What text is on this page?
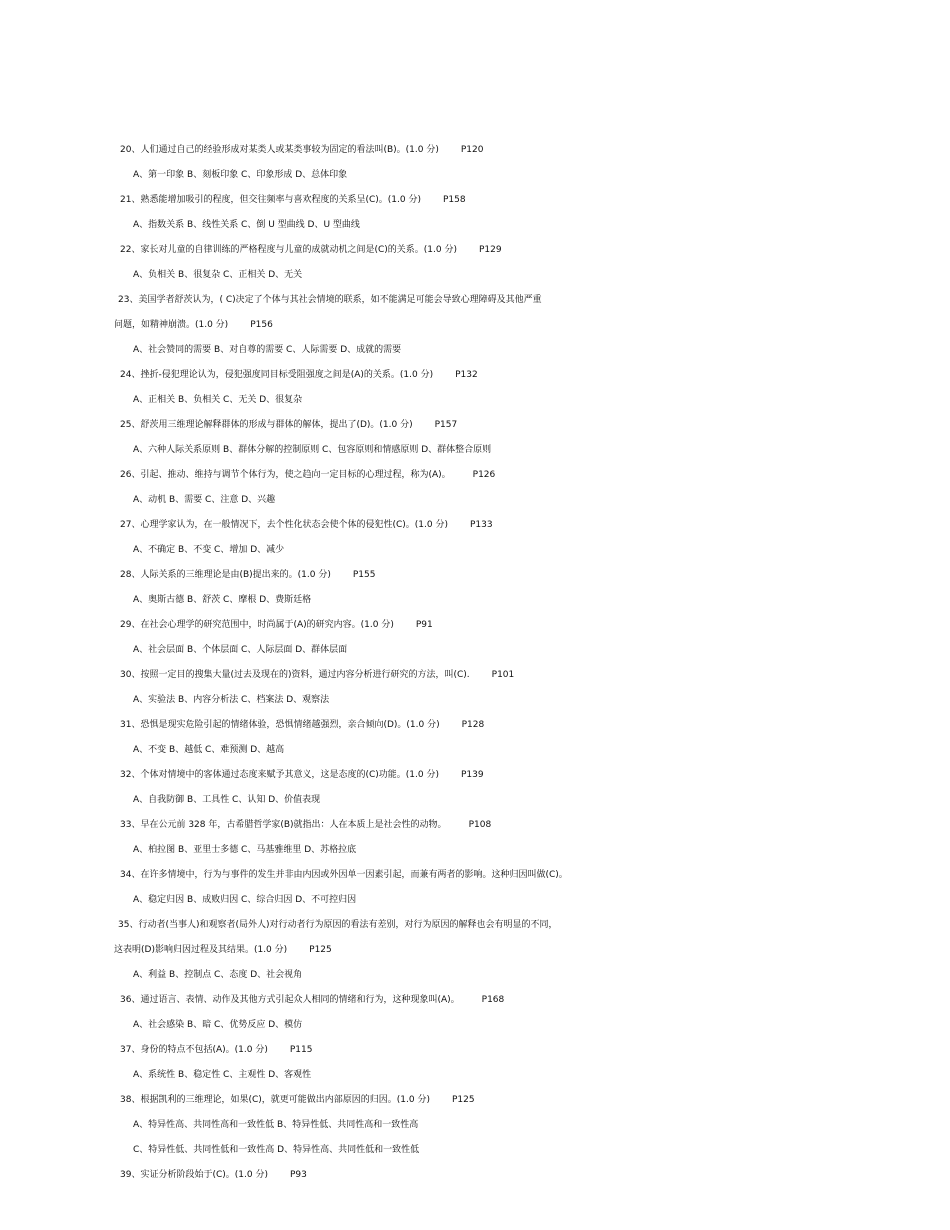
20、人们通过自己的经验形成对某类人或某类事较为固定的看法叫(B)。(1.0 分) P120
A、第一印象 B、刻板印象 C、印象形成 D、总体印象
21、熟悉能增加吸引的程度，但交往频率与喜欢程度的关系呈(C)。(1.0 分) P158
A、指数关系 B、线性关系 C、倒 U 型曲线 D、U 型曲线
22、家长对儿童的自律训练的严格程度与儿童的成就动机之间是(C)的关系。(1.0 分) P129
A、负相关 B、很复杂 C、正相关 D、无关
23、美国学者舒茨认为，( C)决定了个体与其社会情境的联系，如不能满足可能会导致心理障碍及其他严重
问题，如精神崩溃。(1.0 分) P156
A、社会赞同的需要 B、对自尊的需要 C、人际需要 D、成就的需要
24、挫折-侵犯理论认为，侵犯强度同目标受阻强度之间是(A)的关系。(1.0 分) P132
A、正相关 B、负相关 C、无关 D、很复杂
25、舒茨用三维理论解释群体的形成与群体的解体，提出了(D)。(1.0 分) P157
A、六种人际关系原则 B、群体分解的控制原则 C、包容原则和情感原则 D、群体整合原则
26、引起、推动、维持与调节个体行为，使之趋向一定目标的心理过程，称为(A)。 P126
A、动机 B、需要 C、注意 D、兴趣
27、心理学家认为，在一般情况下，去个性化状态会使个体的侵犯性(C)。(1.0 分) P133
A、不确定 B、不变 C、增加 D、减少
28、人际关系的三维理论是由(B)提出来的。(1.0 分) P155
A、奥斯古德 B、舒茨 C、摩根 D、费斯廷格
29、在社会心理学的研究范围中，时尚属于(A)的研究内容。(1.0 分) P91
A、社会层面 B、个体层面 C、人际层面 D、群体层面
30、按照一定目的搜集大量(过去及现在的)资料，通过内容分析进行研究的方法，叫(C). P101
A、实验法 B、内容分析法 C、档案法 D、观察法
31、恐惧是现实危险引起的情绪体验，恐惧情绪越强烈，亲合倾向(D)。(1.0 分) P128
A、不变 B、越低 C、难预测 D、越高
32、个体对情境中的客体通过态度来赋予其意义，这是态度的(C)功能。(1.0 分) P139
A、自我防御 B、工具性 C、认知 D、价值表现
33、早在公元前 328 年，古希腊哲学家(B)就指出：人在本质上是社会性的动物。 P108
A、柏拉图 B、亚里士多德 C、马基雅维里 D、苏格拉底
34、在许多情境中，行为与事件的发生并非由内因或外因单一因素引起，而兼有两者的影响。这种归因叫做(C)。
A、稳定归因 B、成败归因 C、综合归因 D、不可控归因
35、行动者(当事人)和观察者(局外人)对行动者行为原因的看法有差别，对行为原因的解释也会有明显的不同，
这表明(D)影响归因过程及其结果。(1.0 分) P125
A、利益 B、控制点 C、态度 D、社会视角
36、通过语言、表情、动作及其他方式引起众人相同的情绪和行为，这种现象叫(A)。 P168
A、社会感染 B、暗 C、优势反应 D、模仿
37、身份的特点不包括(A)。(1.0 分) P115
A、系统性 B、稳定性 C、主观性 D、客观性
38、根据凯利的三维理论，如果(C)，就更可能做出内部原因的归因。(1.0 分) P125
A、特异性高、共同性高和一致性低 B、特异性低、共同性高和一致性高
C、特异性低、共同性低和一致性高 D、特异性高、共同性低和一致性低
39、实证分析阶段始于(C)。(1.0 分) P93
